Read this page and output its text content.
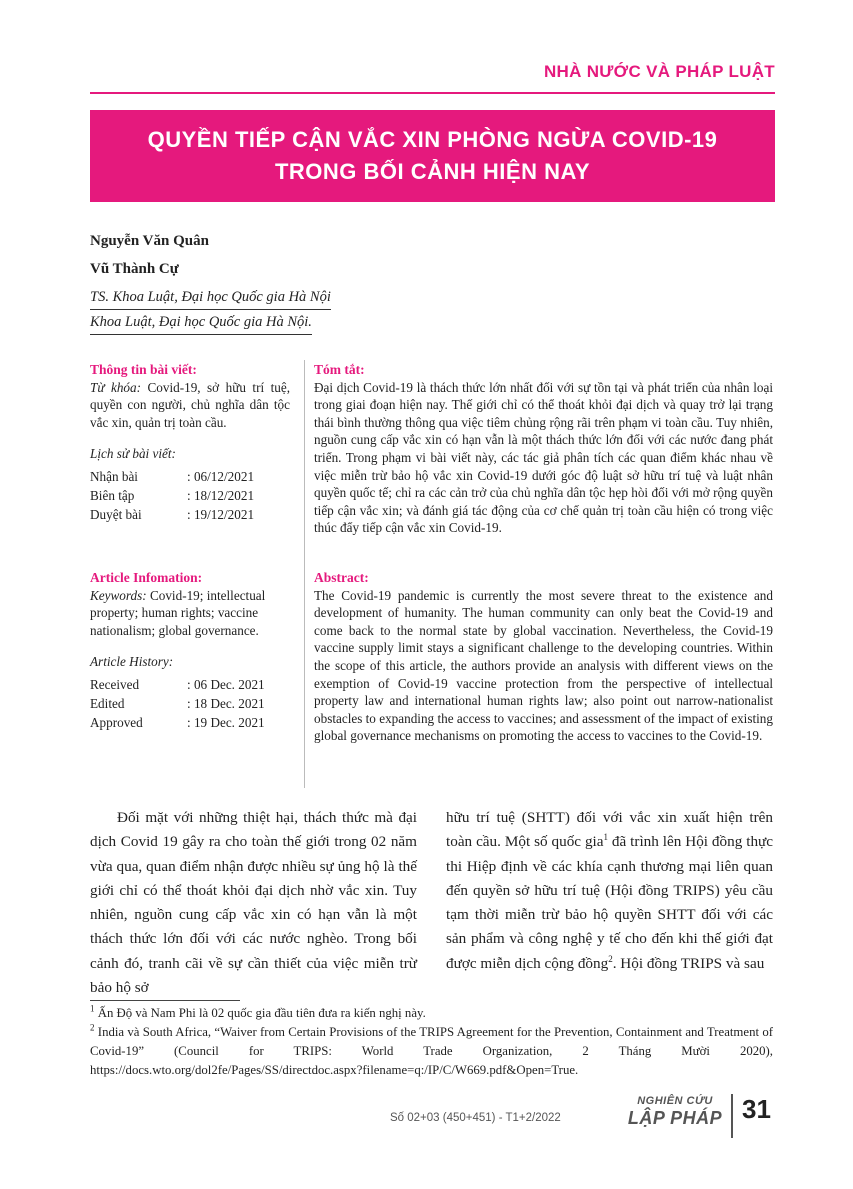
NHÀ NƯỚC VÀ PHÁP LUẬT
QUYỀN TIẾP CẬN VẮC XIN PHÒNG NGỪA COVID-19
TRONG BỐI CẢNH HIỆN NAY
Nguyễn Văn Quân
Vũ Thành Cự
TS. Khoa Luật, Đại học Quốc gia Hà Nội
Khoa Luật, Đại học Quốc gia Hà Nội.
Thông tin bài viết:
Từ khóa: Covid-19, sở hữu trí tuệ, quyền con người, chủ nghĩa dân tộc vắc xin, quản trị toàn cầu.
Lịch sử bài viết:
Nhận bài	: 06/12/2021
Biên tập	: 18/12/2021
Duyệt bài	: 19/12/2021
Article Infomation:
Keywords: Covid-19; intellectual property; human rights; vaccine nationalism; global governance.
Article History:
Received	: 06 Dec. 2021
Edited	: 18 Dec. 2021
Approved	: 19 Dec. 2021
Tóm tắt:
Đại dịch Covid-19 là thách thức lớn nhất đối với sự tồn tại và phát triển của nhân loại trong giai đoạn hiện nay. Thế giới chỉ có thể thoát khỏi đại dịch và quay trở lại trạng thái bình thường thông qua việc tiêm chủng rộng rãi trên phạm vi toàn cầu. Tuy nhiên, nguồn cung cấp vắc xin có hạn vẫn là một thách thức lớn đối với các nước đang phát triển. Trong phạm vi bài viết này, các tác giả phân tích các quan điểm khác nhau về việc miễn trừ bảo hộ vắc xin Covid-19 dưới góc độ luật sở hữu trí tuệ và luật nhân quyền quốc tế; chỉ ra các cản trở của chủ nghĩa dân tộc hẹp hòi đối với mở rộng quyền tiếp cận vắc xin; và đánh giá tác động của cơ chế quản trị toàn cầu hiện có trong việc thúc đẩy tiếp cận vắc xin Covid-19.
Abstract:
The Covid-19 pandemic is currently the most severe threat to the existence and development of humanity. The human community can only beat the Covid-19 and come back to the normal state by global vaccination. Nevertheless, the Covid-19 vaccine supply limit stays a significant challenge to the developing countries. Within the scope of this article, the authors provide an analysis with different views on the exemption of Covid-19 vaccine protection from the perspective of intellectual property law and international human rights law; also point out narrow-nationalist obstacles to expanding the access to vaccines; and assessment of the impact of existing global governance mechanisms on promoting the access to vaccines to the Covid-19.
Đối mặt với những thiệt hại, thách thức mà đại dịch Covid 19 gây ra cho toàn thế giới trong 02 năm vừa qua, quan điểm nhận được nhiều sự ủng hộ là thế giới chỉ có thể thoát khỏi đại dịch nhờ vắc xin. Tuy nhiên, nguồn cung cấp vắc xin có hạn vẫn là một thách thức lớn đối với các nước nghèo. Trong bối cảnh đó, tranh cãi về sự cần thiết của việc miễn trừ bảo hộ sở
hữu trí tuệ (SHTT) đối với vắc xin xuất hiện trên toàn cầu. Một số quốc gia$^1$ đã trình lên Hội đồng thực thi Hiệp định về các khía cạnh thương mại liên quan đến quyền sở hữu trí tuệ (Hội đồng TRIPS) yêu cầu tạm thời miễn trừ bảo hộ quyền SHTT đối với các sản phẩm và công nghệ y tế cho đến khi thế giới đạt được miễn dịch cộng đồng$^2$. Hội đồng TRIPS và sau
$^1$ Ấn Độ và Nam Phi là 02 quốc gia đầu tiên đưa ra kiến nghị này.
$^2$ India và South Africa, “Waiver from Certain Provisions of the TRIPS Agreement for the Prevention, Containment and Treatment of Covid-19” (Council for TRIPS: World Trade Organization, 2 Tháng Mười 2020), https://docs.wto.org/dol2fe/Pages/SS/directdoc.aspx?filename=q:/IP/C/W669.pdf&Open=True.
Số 02+03 (450+451) - T1+2/2022
NGHIÊN CỨU
LẬP PHÁP 31
